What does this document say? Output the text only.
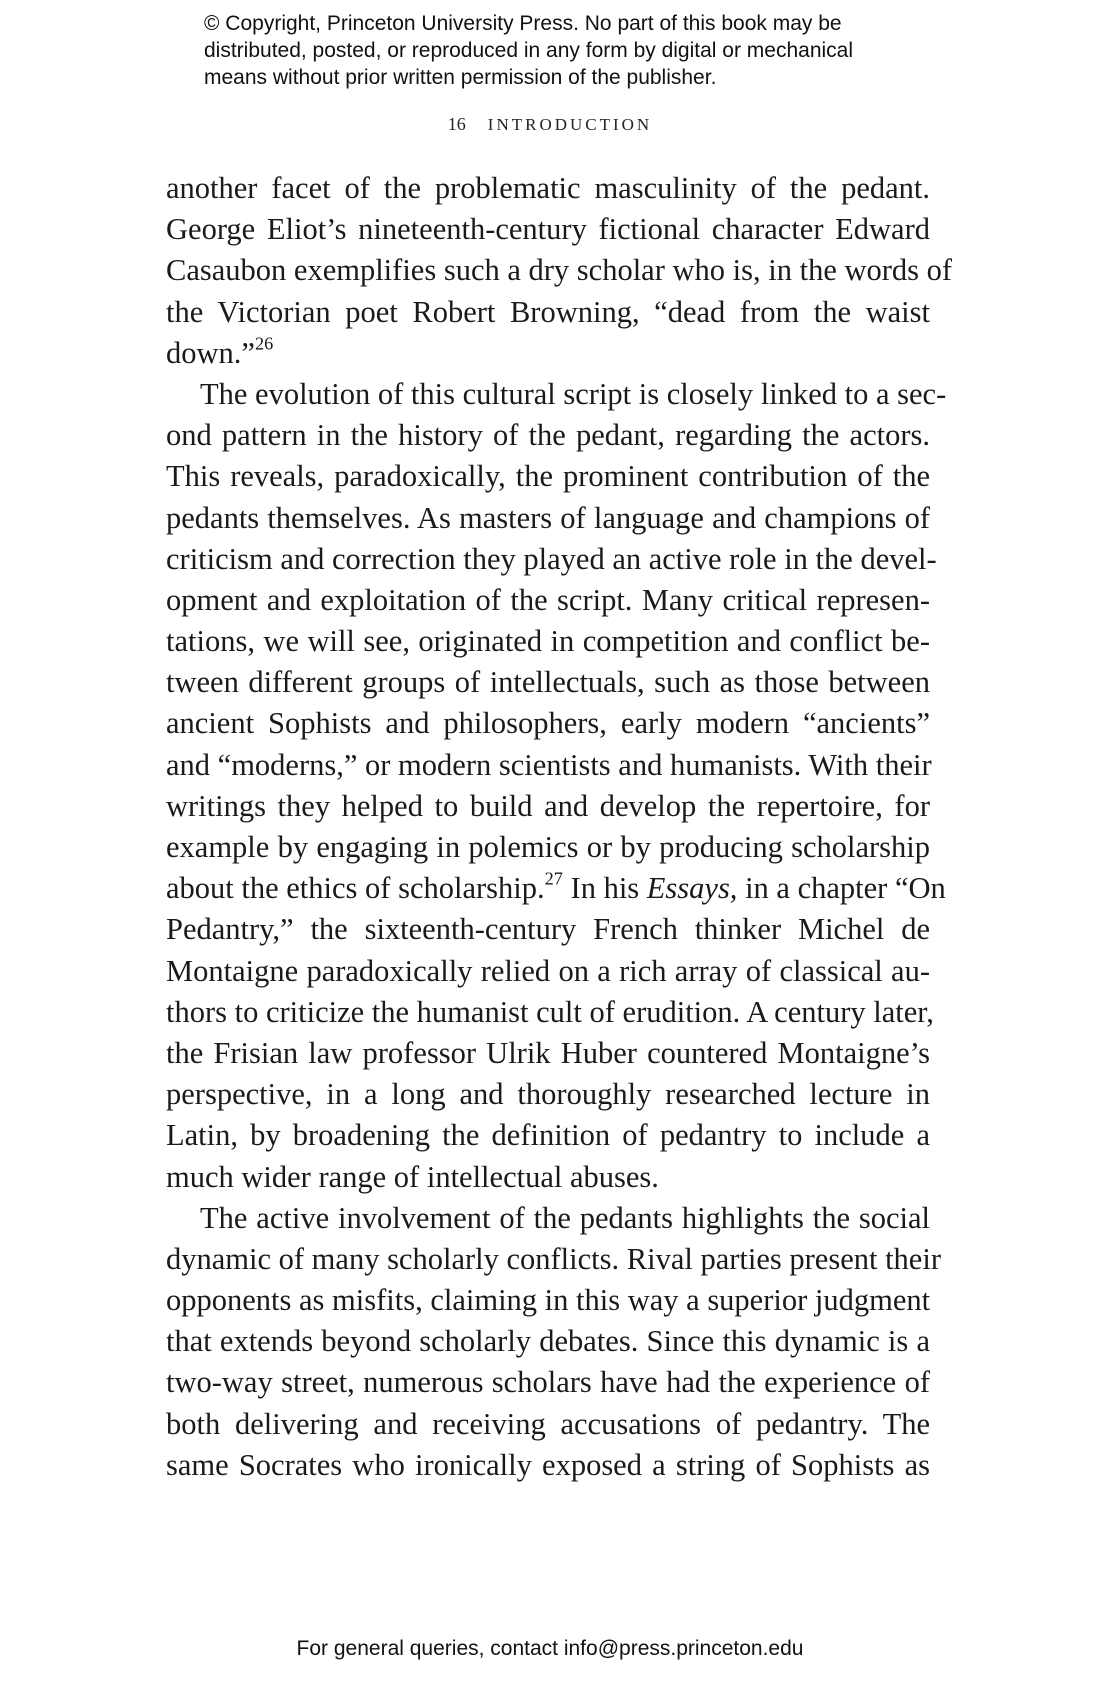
© Copyright, Princeton University Press. No part of this book may be
distributed, posted, or reproduced in any form by digital or mechanical
means without prior written permission of the publisher.
16 INTRODUCTION
another facet of the problematic masculinity of the pedant.
George Eliot’s nineteenth-century fictional character Edward
Casaubon exemplifies such a dry scholar who is, in the words of
the Victorian poet Robert Browning, “dead from the waist
down.”$^{26}$
The evolution of this cultural script is closely linked to a sec-
ond pattern in the history of the pedant, regarding the actors.
This reveals, paradoxically, the prominent contribution of the
pedants themselves. As masters of language and champions of
criticism and correction they played an active role in the devel-
opment and exploitation of the script. Many critical represen-
tations, we will see, originated in competition and conflict be-
tween different groups of intellectuals, such as those between
ancient Sophists and philosophers, early modern “ancients”
and “moderns,” or modern scientists and humanists. With their
writings they helped to build and develop the repertoire, for
example by engaging in polemics or by producing scholarship
about the ethics of scholarship.$^{27}$ In his Essays, in a chapter “On
Pedantry,” the sixteenth-century French thinker Michel de
Montaigne paradoxically relied on a rich array of classical au-
thors to criticize the humanist cult of erudition. A century later,
the Frisian law professor Ulrik Huber countered Montaigne’s
perspective, in a long and thoroughly researched lecture in
Latin, by broadening the definition of pedantry to include a
much wider range of intellectual abuses.
The active involvement of the pedants highlights the social
dynamic of many scholarly conflicts. Rival parties present their
opponents as misfits, claiming in this way a superior judgment
that extends beyond scholarly debates. Since this dynamic is a
two-way street, numerous scholars have had the experience of
both delivering and receiving accusations of pedantry. The
same Socrates who ironically exposed a string of Sophists as
For general queries, contact info@press.princeton.edu
